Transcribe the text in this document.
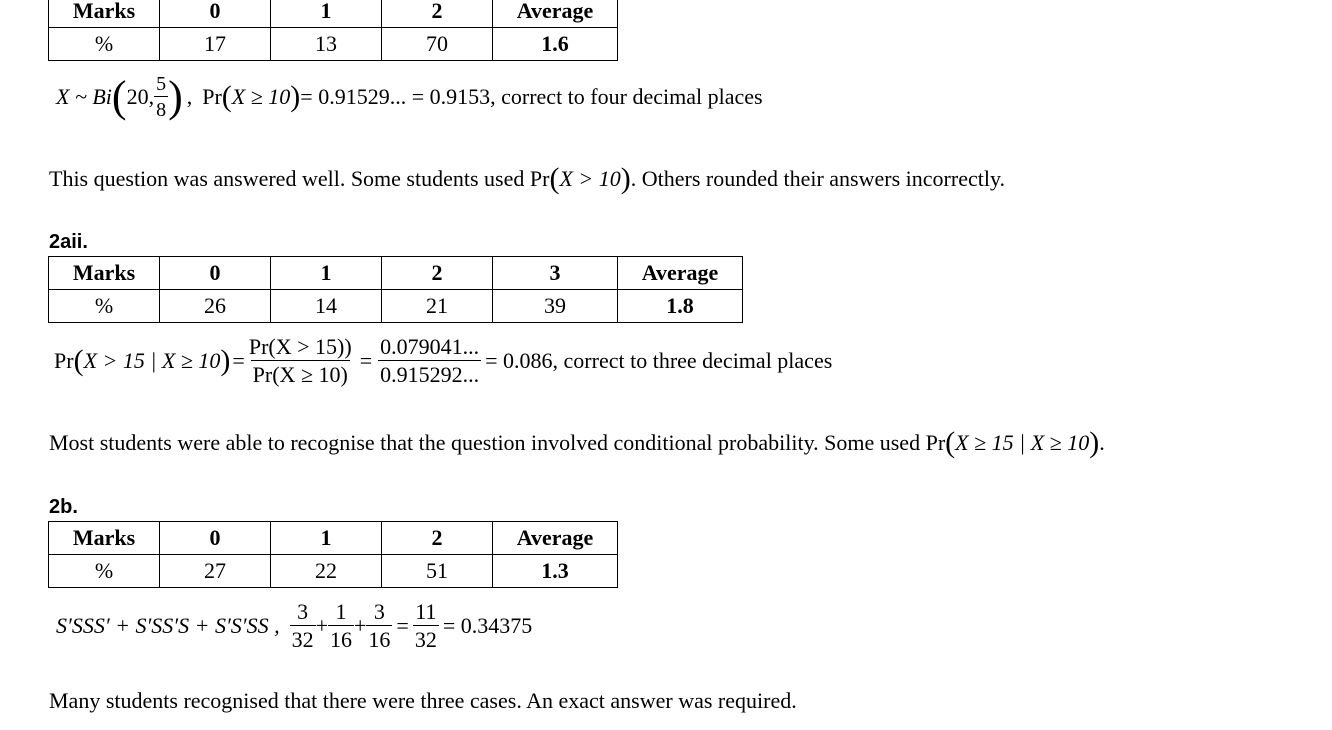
Marks	0	1	2	Average
%	17	13	70	1.6
X ~ Bi ( 20, $\frac{5}{8}$ ) , Pr ( X ≥ 10 ) = 0.91529... = 0.9153 , correct to four decimal places
This question was answered well. Some students used Pr(X > 10). Others rounded their answers incorrectly.
2aii.
Marks	0	1	2	3	Average
%	26	14	21	39	1.8
Pr ( X > 15 | X ≥ 10 ) = $\frac{Pr(X > 15))}{Pr(X \ge 10)} = \frac{0.079041...}{0.915292...} = 0.086$ , correct to three decimal places
Most students were able to recognise that the question involved conditional probability. Some used Pr(X ≥ 15 | X ≥ 10).
2b.
Marks	0	1	2	Average
%	27	22	51	1.3
S′SSS′ + S′SS′S + S′S′SS , $\frac{3}{32} + \frac{1}{16} + \frac{3}{16} = \frac{11}{32} = 0.34375$
Many students recognised that there were three cases. An exact answer was required.
